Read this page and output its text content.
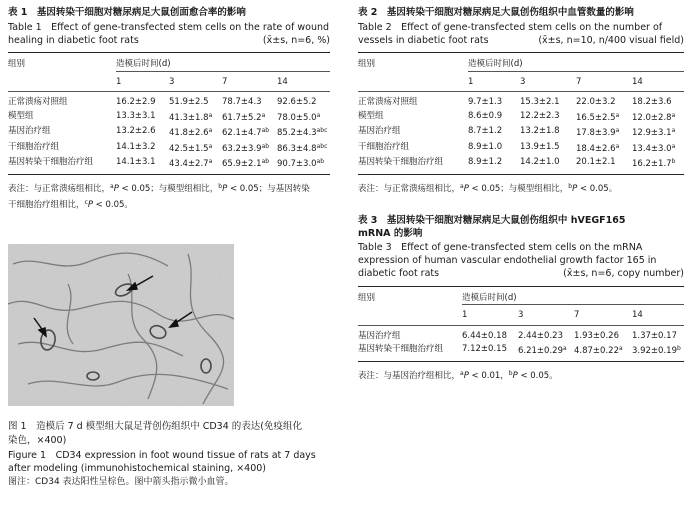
表 1　基因转染干细胞对糖尿病足大鼠创面愈合率的影响
Table 1　Effect of gene-transfected stem cells on the rate of wound
healing in diabetic foot rats	(x̄±s, n=6, %)
组别	造模后时间(d)			
	1	3	7	14
正常溃疡对照组	16.2±2.9	51.9±2.5	78.7±4.3	92.6±5.2
模型组	13.3±3.1	41.3±1.8$^a$	61.7±5.2$^a$	78.0±5.0$^a$
基因治疗组	13.2±2.6	41.8±2.6$^a$	62.1±4.7$^{ab}$	85.2±4.3$^{abc}$
干细胞治疗组	14.1±3.2	42.5±1.5$^a$	63.2±3.9$^{ab}$	86.3±4.8$^{abc}$
基因转染干细胞治疗组	14.1±3.1	43.4±2.7$^a$	65.9±2.1$^{ab}$	90.7±3.0$^{ab}$
表注：与正常溃疡组相比，$^a$P < 0.05；与模型组相比，$^b$P < 0.05；与基因转染
干细胞治疗组相比，$^c$P < 0.05。
图 1　造模后 7 d 模型组大鼠足背创伤组织中 CD34 的表达(免疫组化
染色，×400)
Figure 1　CD34 expression in foot wound tissue of rats at 7 days
after modeling (immunohistochemical staining, ×400)
图注：CD34 表达阳性呈棕色。图中箭头指示微小血管。
表 2　基因转染干细胞对糖尿病足大鼠创伤组织中血管数量的影响
Table 2　Effect of gene-transfected stem cells on the number of
vessels in diabetic foot rats	(x̄±s, n=10, n/400 visual field)
组别	造模后时间(d)			
	1	3	7	14
正常溃疡对照组	9.7±1.3	15.3±2.1	22.0±3.2	18.2±3.6
模型组	8.6±0.9	12.2±2.3	16.5±2.5$^a$	12.0±2.8$^a$
基因治疗组	8.7±1.2	13.2±1.8	17.8±3.9$^a$	12.9±3.1$^a$
干细胞治疗组	8.9±1.0	13.9±1.5	18.4±2.6$^a$	13.4±3.0$^a$
基因转染干细胞治疗组	8.9±1.2	14.2±1.0	20.1±2.1	16.2±1.7$^b$
表注：与正常溃疡组相比，$^a$P < 0.05；与模型组相比，$^b$P < 0.05。
表 3　基因转染干细胞对糖尿病足大鼠创伤组织中 hVEGF165
mRNA 的影响
Table 3　Effect of gene-transfected stem cells on the mRNA
expression of human vascular endothelial growth factor 165 in
diabetic foot rats	(x̄±s, n=6, copy number)
组别	造模后时间(d)			
	1	3	7	14
基因治疗组	6.44±0.18	2.44±0.23	1.93±0.26	1.37±0.17
基因转染干细胞治疗组	7.12±0.15	6.21±0.29$^a$	4.87±0.22$^a$	3.92±0.19$^b$
表注：与基因治疗组相比，$^a$P < 0.01，$^b$P < 0.05。
